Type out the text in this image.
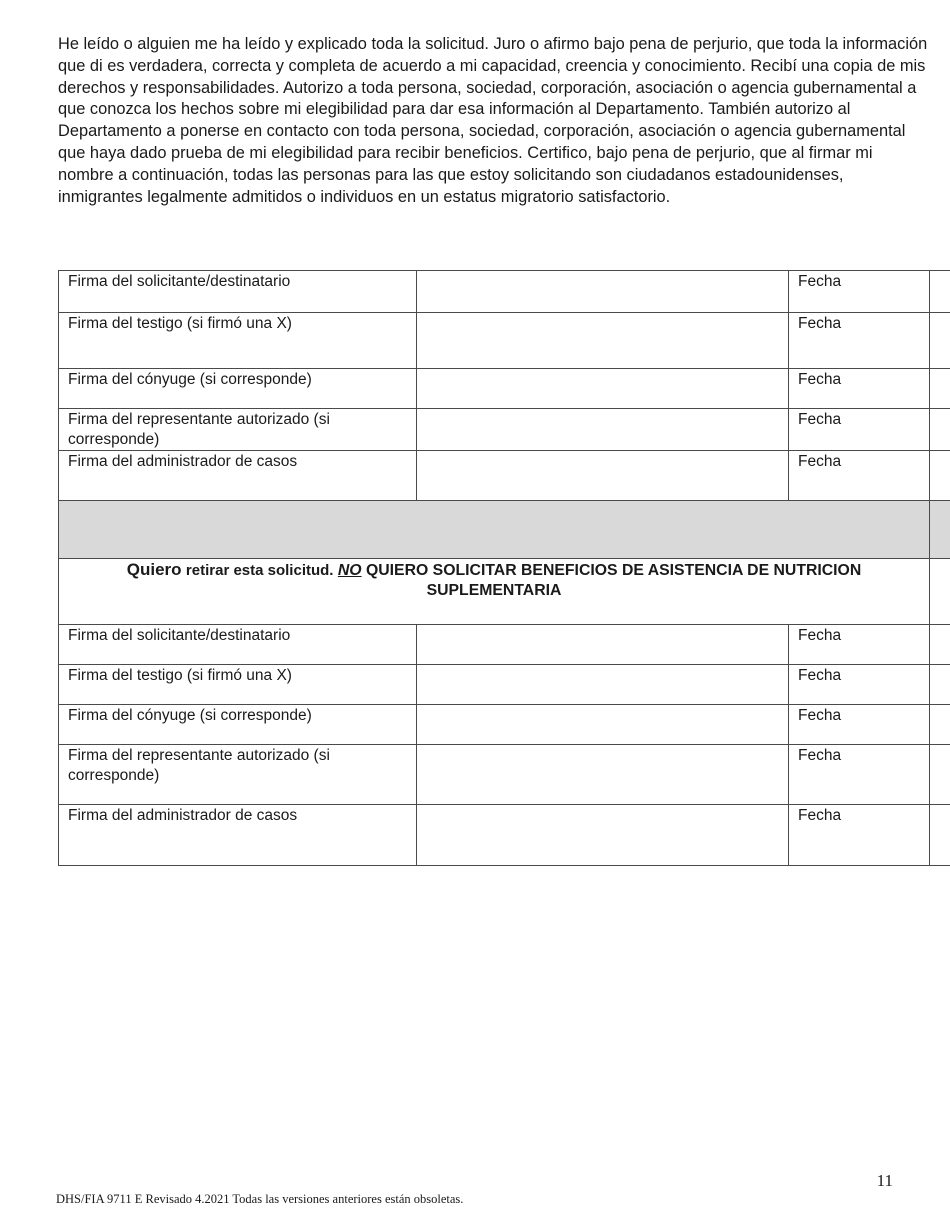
He leído o alguien me ha leído y explicado toda la solicitud. Juro o afirmo bajo pena de perjurio, que toda la información que di es verdadera, correcta y completa de acuerdo a mi capacidad, creencia y conocimiento. Recibí una copia de mis derechos y responsabilidades. Autorizo a toda persona, sociedad, corporación, asociación o agencia gubernamental a que conozca los hechos sobre mi elegibilidad para dar esa información al Departamento. También autorizo al Departamento a ponerse en contacto con toda persona, sociedad, corporación, asociación o agencia gubernamental que haya dado prueba de mi elegibilidad para recibir beneficios. Certifico, bajo pena de perjurio, que al firmar mi nombre a continuación, todas las personas para las que estoy solicitando son ciudadanos estadounidenses, inmigrantes legalmente admitidos o individuos en un estatus migratorio satisfactorio.

Firma del solicitante/destinatario		Fecha	
Firma del testigo (si firmó una X)		Fecha	
Firma del cónyuge (si corresponde)		Fecha	
Firma del representante autorizado (si corresponde)		Fecha	
Firma del administrador de casos		Fecha	

Quiero retirar esta solicitud. NO QUIERO SOLICITAR BENEFICIOS DE ASISTENCIA DE NUTRICION SUPLEMENTARIA			
Firma del solicitante/destinatario		Fecha	
Firma del testigo (si firmó una X)		Fecha	
Firma del cónyuge (si corresponde)		Fecha	
Firma del representante autorizado (si corresponde)		Fecha	
Firma del administrador de casos		Fecha	
11
DHS/FIA 9711 E Revisado 4.2021 Todas las versiones anteriores están obsoletas.
